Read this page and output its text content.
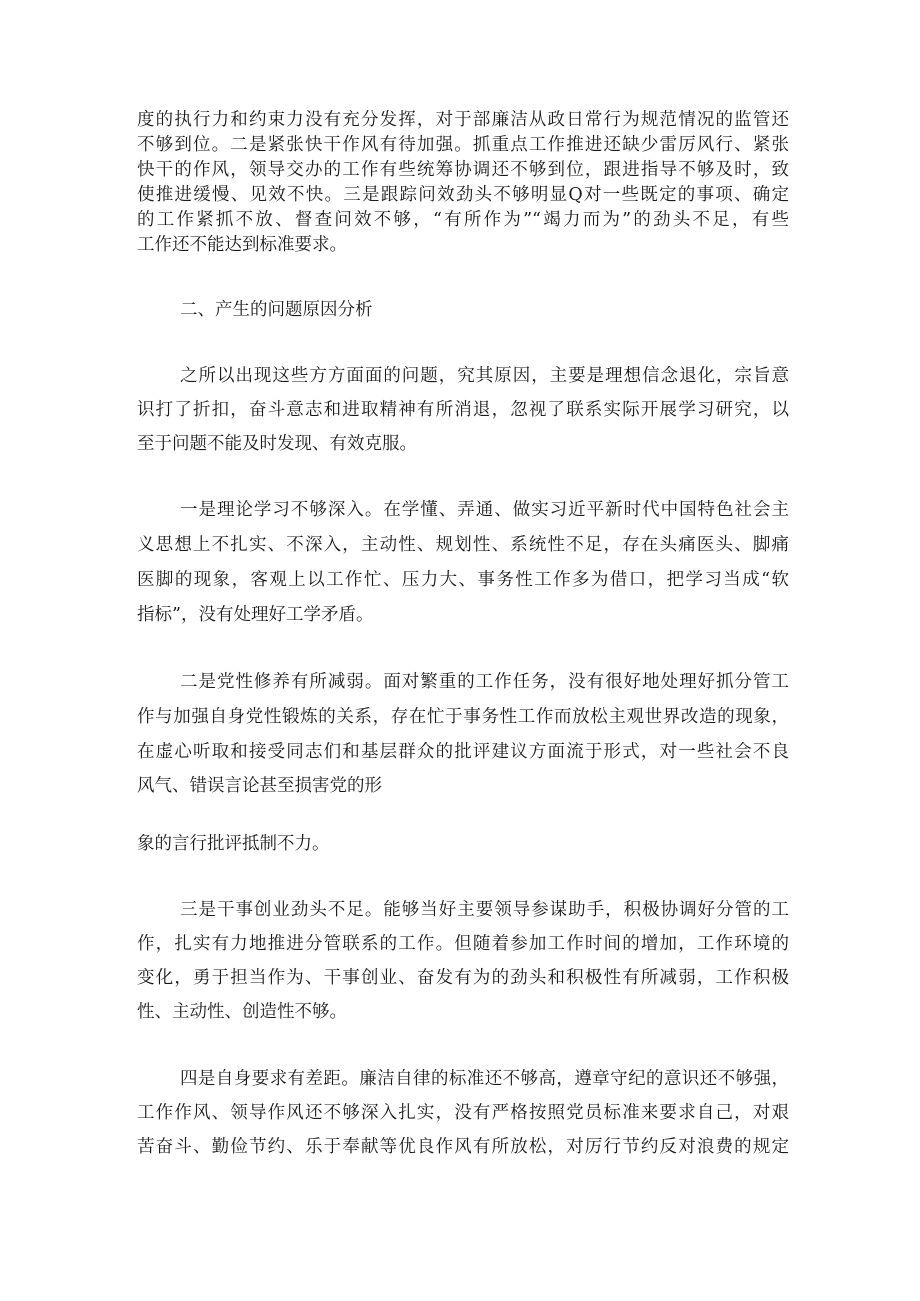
度的执行力和约束力没有充分发挥，对于部廉洁从政日常行为规范情况的监管还
不够到位。二是紧张快干作风有待加强。抓重点工作推进还缺少雷厉风行、紧张
快干的作风，领导交办的工作有些统筹协调还不够到位，跟进指导不够及时，致
使推进缓慢、见效不快。三是跟踪问效劲头不够明显Q对一些既定的事项、确定
的工作紧抓不放、督查问效不够，“有所作为”“竭力而为”的劲头不足，有些
工作还不能达到标准要求。
二、产生的问题原因分析
之所以出现这些方方面面的问题，究其原因，主要是理想信念退化，宗旨意
识打了折扣，奋斗意志和进取精神有所消退，忽视了联系实际开展学习研究，以
至于问题不能及时发现、有效克服。
一是理论学习不够深入。在学懂、弄通、做实习近平新时代中国特色社会主
义思想上不扎实、不深入，主动性、规划性、系统性不足，存在头痛医头、脚痛
医脚的现象，客观上以工作忙、压力大、事务性工作多为借口，把学习当成“软
指标”，没有处理好工学矛盾。
二是党性修养有所减弱。面对繁重的工作任务，没有很好地处理好抓分管工
作与加强自身党性锻炼的关系，存在忙于事务性工作而放松主观世界改造的现象，
在虚心听取和接受同志们和基层群众的批评建议方面流于形式，对一些社会不良
风气、错误言论甚至损害党的形
象的言行批评抵制不力。
三是干事创业劲头不足。能够当好主要领导参谋助手，积极协调好分管的工
作，扎实有力地推进分管联系的工作。但随着参加工作时间的增加，工作环境的
变化，勇于担当作为、干事创业、奋发有为的劲头和积极性有所减弱，工作积极
性、主动性、创造性不够。
四是自身要求有差距。廉洁自律的标准还不够高，遵章守纪的意识还不够强，
工作作风、领导作风还不够深入扎实，没有严格按照党员标准来要求自己，对艰
苦奋斗、勤俭节约、乐于奉献等优良作风有所放松，对厉行节约反对浪费的规定
